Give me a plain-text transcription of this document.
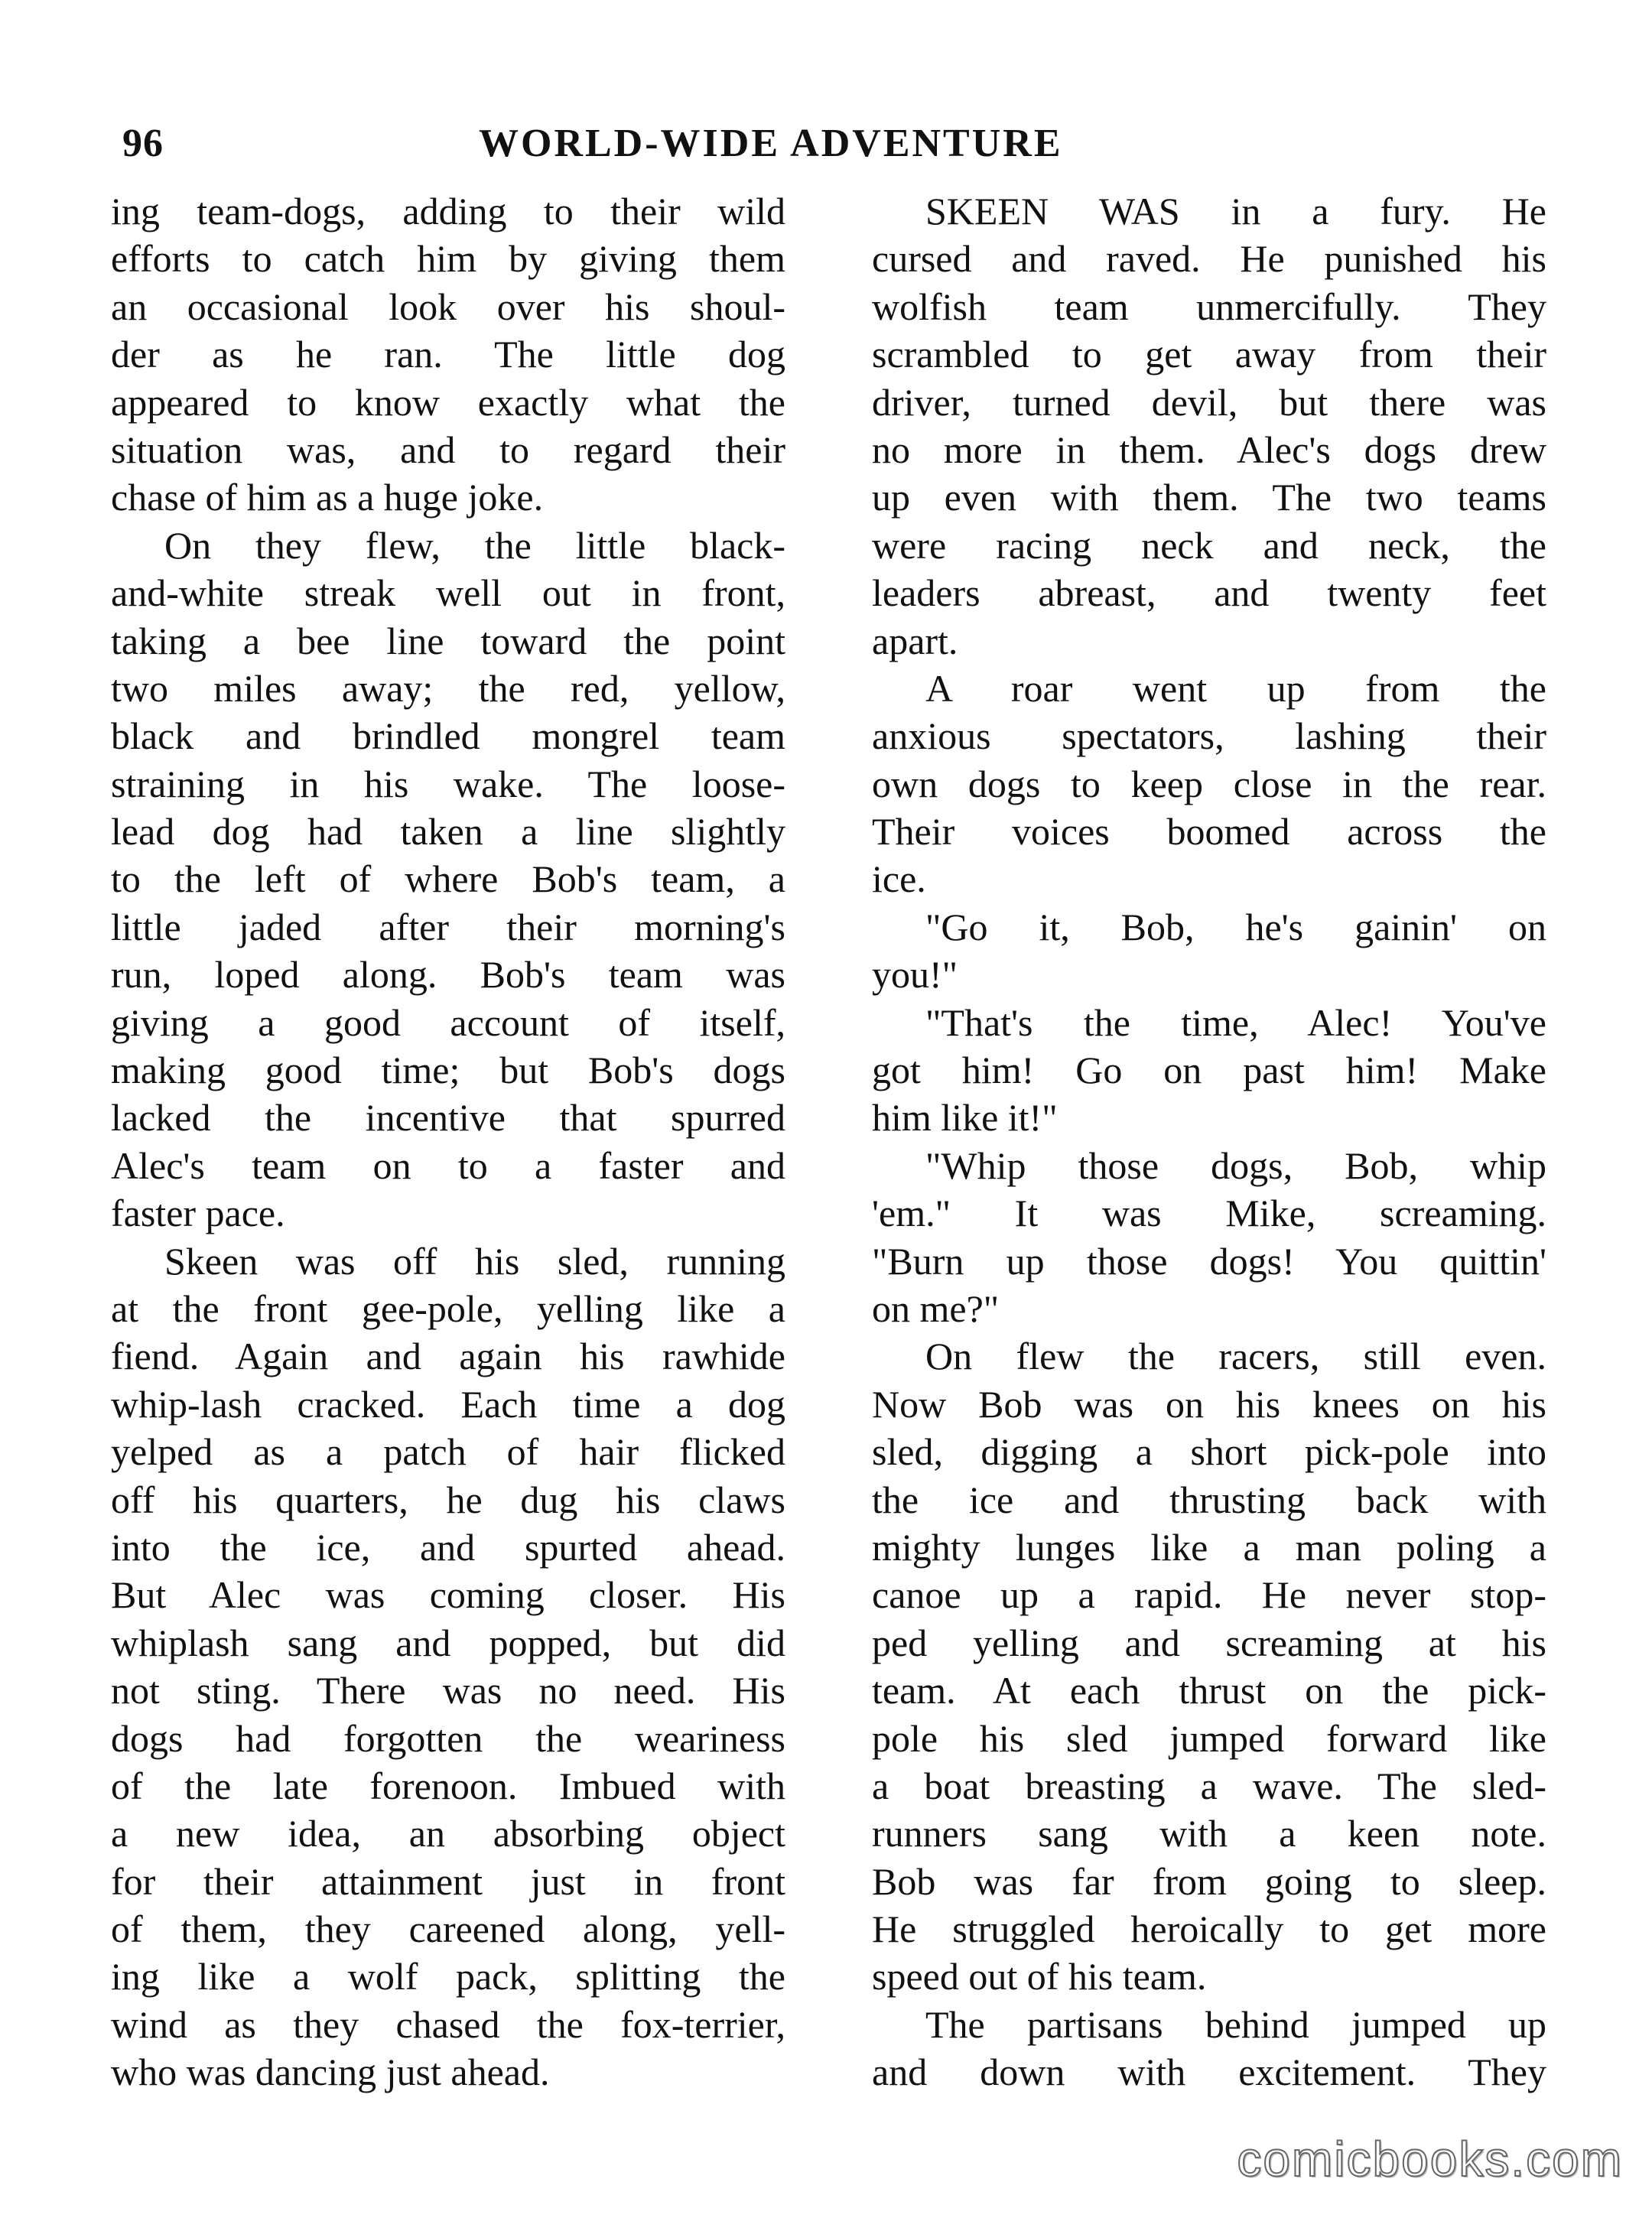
96	WORLD-WIDE ADVENTURE
ing team-dogs, adding to their wild
efforts to catch him by giving them
an occasional look over his shoul-
der as he ran. The little dog
appeared to know exactly what the
situation was, and to regard their
chase of him as a huge joke.
On they flew, the little black-
and-white streak well out in front,
taking a bee line toward the point
two miles away; the red, yellow,
black and brindled mongrel team
straining in his wake. The loose-
lead dog had taken a line slightly
to the left of where Bob's team, a
little jaded after their morning's
run, loped along. Bob's team was
giving a good account of itself,
making good time; but Bob's dogs
lacked the incentive that spurred
Alec's team on to a faster and
faster pace.
Skeen was off his sled, running
at the front gee-pole, yelling like a
fiend. Again and again his rawhide
whip-lash cracked. Each time a dog
yelped as a patch of hair flicked
off his quarters, he dug his claws
into the ice, and spurted ahead.
But Alec was coming closer. His
whiplash sang and popped, but did
not sting. There was no need. His
dogs had forgotten the weariness
of the late forenoon. Imbued with
a new idea, an absorbing object
for their attainment just in front
of them, they careened along, yell-
ing like a wolf pack, splitting the
wind as they chased the fox-terrier,
who was dancing just ahead.
SKEEN WAS in a fury. He
cursed and raved. He punished his
wolfish team unmercifully. They
scrambled to get away from their
driver, turned devil, but there was
no more in them. Alec's dogs drew
up even with them. The two teams
were racing neck and neck, the
leaders abreast, and twenty feet
apart.
A roar went up from the
anxious spectators, lashing their
own dogs to keep close in the rear.
Their voices boomed across the
ice.
"Go it, Bob, he's gainin' on
you!"
"That's the time, Alec! You've
got him! Go on past him! Make
him like it!"
"Whip those dogs, Bob, whip
'em." It was Mike, screaming.
"Burn up those dogs! You quittin'
on me?"
On flew the racers, still even.
Now Bob was on his knees on his
sled, digging a short pick-pole into
the ice and thrusting back with
mighty lunges like a man poling a
canoe up a rapid. He never stop-
ped yelling and screaming at his
team. At each thrust on the pick-
pole his sled jumped forward like
a boat breasting a wave. The sled-
runners sang with a keen note.
Bob was far from going to sleep.
He struggled heroically to get more
speed out of his team.
The partisans behind jumped up
and down with excitement. They
comicbooks.com
